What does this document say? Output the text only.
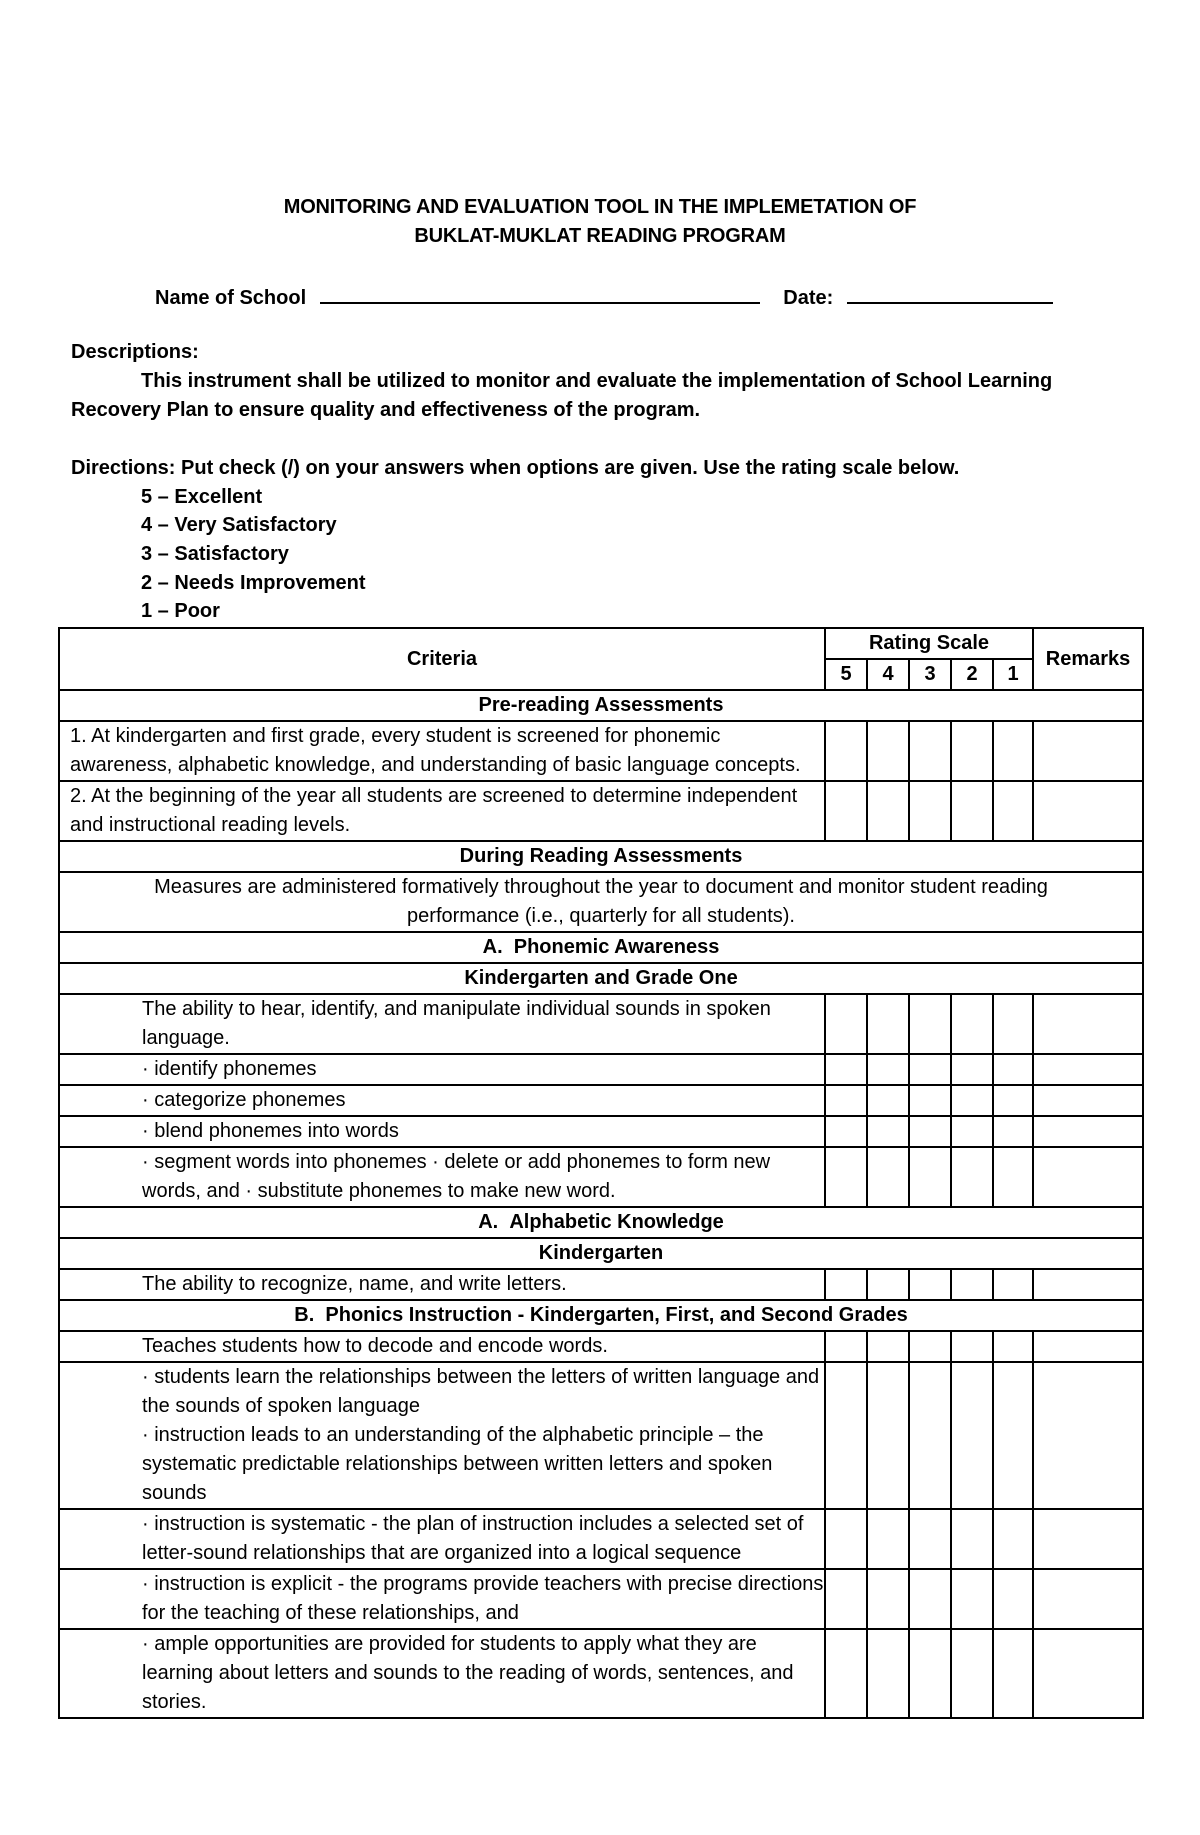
MONITORING AND EVALUATION TOOL IN THE IMPLEMETATION OF
BUKLAT-MUKLAT READING PROGRAM
Name of School	Date:
Descriptions:
This instrument shall be utilized to monitor and evaluate the implementation of School Learning
Recovery Plan to ensure quality and effectiveness of the program.
Directions: Put check (/) on your answers when options are given. Use the rating scale below.
5 – Excellent
4 – Very Satisfactory
3 – Satisfactory
2 – Needs Improvement
1 – Poor
Criteria	Rating Scale					Remarks
	5	4	3	2	1	
Pre-reading Assessments						
1. At kindergarten and first grade, every student is screened for phonemic awareness, alphabetic knowledge, and understanding of basic language concepts.						
2. At the beginning of the year all students are screened to determine independent and instructional reading levels.						
During Reading Assessments						
Measures are administered formatively throughout the year to document and monitor student reading performance (i.e., quarterly for all students).						
A.  Phonemic Awareness						
Kindergarten and Grade One						
The ability to hear, identify, and manipulate individual sounds in spoken language.						
· identify phonemes						
· categorize phonemes						
· blend phonemes into words						
· segment words into phonemes · delete or add phonemes to form new words, and · substitute phonemes to make new word.						
A.  Alphabetic Knowledge						
Kindergarten						
The ability to recognize, name, and write letters.						
B.  Phonics Instruction - Kindergarten, First, and Second Grades						
Teaches students how to decode and encode words.						

· students learn the relationships between the letters of written language and the sounds of spoken language
· instruction leads to an understanding of the alphabetic principle – the systematic predictable relationships between written letters and spoken sounds						

· instruction is systematic - the plan of instruction includes a selected set of letter-sound relationships that are organized into a logical sequence						
· instruction is explicit - the programs provide teachers with precise directions for the teaching of these relationships, and						
· ample opportunities are provided for students to apply what they are learning about letters and sounds to the reading of words, sentences, and stories.						
